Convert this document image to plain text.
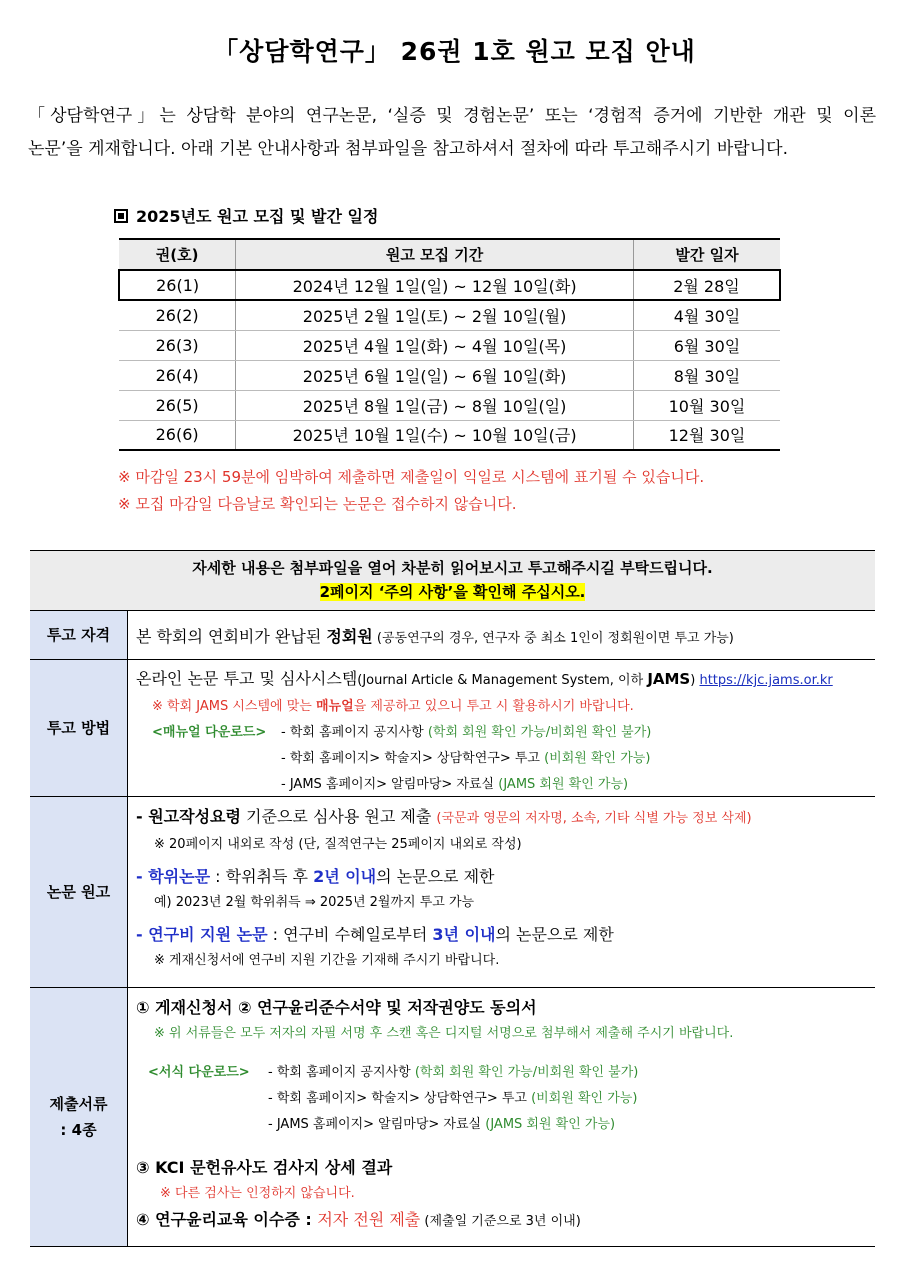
「상담학연구」 26권 1호 원고 모집 안내

「상담학연구」는 상담학 분야의 연구논문, ‘실증 및 경험논문’ 또는 ‘경험적 증거에 기반한 개관 및 이론

논문’을 게재합니다. 아래 기본 안내사항과 첨부파일을 참고하셔서 절차에 따라 투고해주시기 바랍니다.

2025년도 원고 모집 및 발간 일정
권(호)	원고 모집 기간	발간 일자
26(1)	2024년 12월 1일(일) ~ 12월 10일(화)	2월 28일
26(2)	2025년 2월 1일(토) ~ 2월 10일(월)	4월 30일
26(3)	2025년 4월 1일(화) ~ 4월 10일(목)	6월 30일
26(4)	2025년 6월 1일(일) ~ 6월 10일(화)	8월 30일
26(5)	2025년 8월 1일(금) ~ 8월 10일(일)	10월 30일
26(6)	2025년 10월 1일(수) ~ 10월 10일(금)	12월 30일
※ 마감일 23시 59분에 임박하여 제출하면 제출일이 익일로 시스템에 표기될 수 있습니다.
※ 모집 마감일 다음날로 확인되는 논문은 접수하지 않습니다.
자세한 내용은 첨부파일을 열어 차분히 읽어보시고 투고해주시길 부탁드립니다.
2페이지 ‘주의 사항’을 확인해 주십시오.
투고 자격	본 학회의 연회비가 완납된 정회원 (공동연구의 경우, 연구자 중 최소 1인이 정회원이면 투고 가능)
투고 방법
온라인 논문 투고 및 심사시스템(Journal Article & Management System, 이하 JAMS) https://kjc.jams.or.kr
※ 학회 JAMS 시스템에 맞는 매뉴얼을 제공하고 있으니 투고 시 활용하시기 바랍니다.
<매뉴얼 다운로드>	- 학회 홈페이지 공지사항 (학회 회원 확인 가능/비회원 확인 불가)
- 학회 홈페이지> 학술지> 상담학연구> 투고 (비회원 확인 가능)
- JAMS 홈페이지> 알림마당> 자료실 (JAMS 회원 확인 가능)
논문 원고
- 원고작성요령 기준으로 심사용 원고 제출 (국문과 영문의 저자명, 소속, 기타 식별 가능 정보 삭제)
※ 20페이지 내외로 작성 (단, 질적연구는 25페이지 내외로 작성)
- 학위논문 : 학위취득 후 2년 이내의 논문으로 제한
예) 2023년 2월 학위취득 ⇒ 2025년 2월까지 투고 가능
- 연구비 지원 논문 : 연구비 수혜일로부터 3년 이내의 논문으로 제한
※ 게재신청서에 연구비 지원 기간을 기재해 주시기 바랍니다.
제출서류
: 4종
① 게재신청서 ② 연구윤리준수서약 및 저작권양도 동의서
※ 위 서류들은 모두 저자의 자필 서명 후 스캔 혹은 디지털 서명으로 첨부해서 제출해 주시기 바랍니다.
<서식 다운로드>	- 학회 홈페이지 공지사항 (학회 회원 확인 가능/비회원 확인 불가)
- 학회 홈페이지> 학술지> 상담학연구> 투고 (비회원 확인 가능)
- JAMS 홈페이지> 알림마당> 자료실 (JAMS 회원 확인 가능)
③ KCI 문헌유사도 검사지 상세 결과
※ 다른 검사는 인정하지 않습니다.
④ 연구윤리교육 이수증 : 저자 전원 제출 (제출일 기준으로 3년 이내)
